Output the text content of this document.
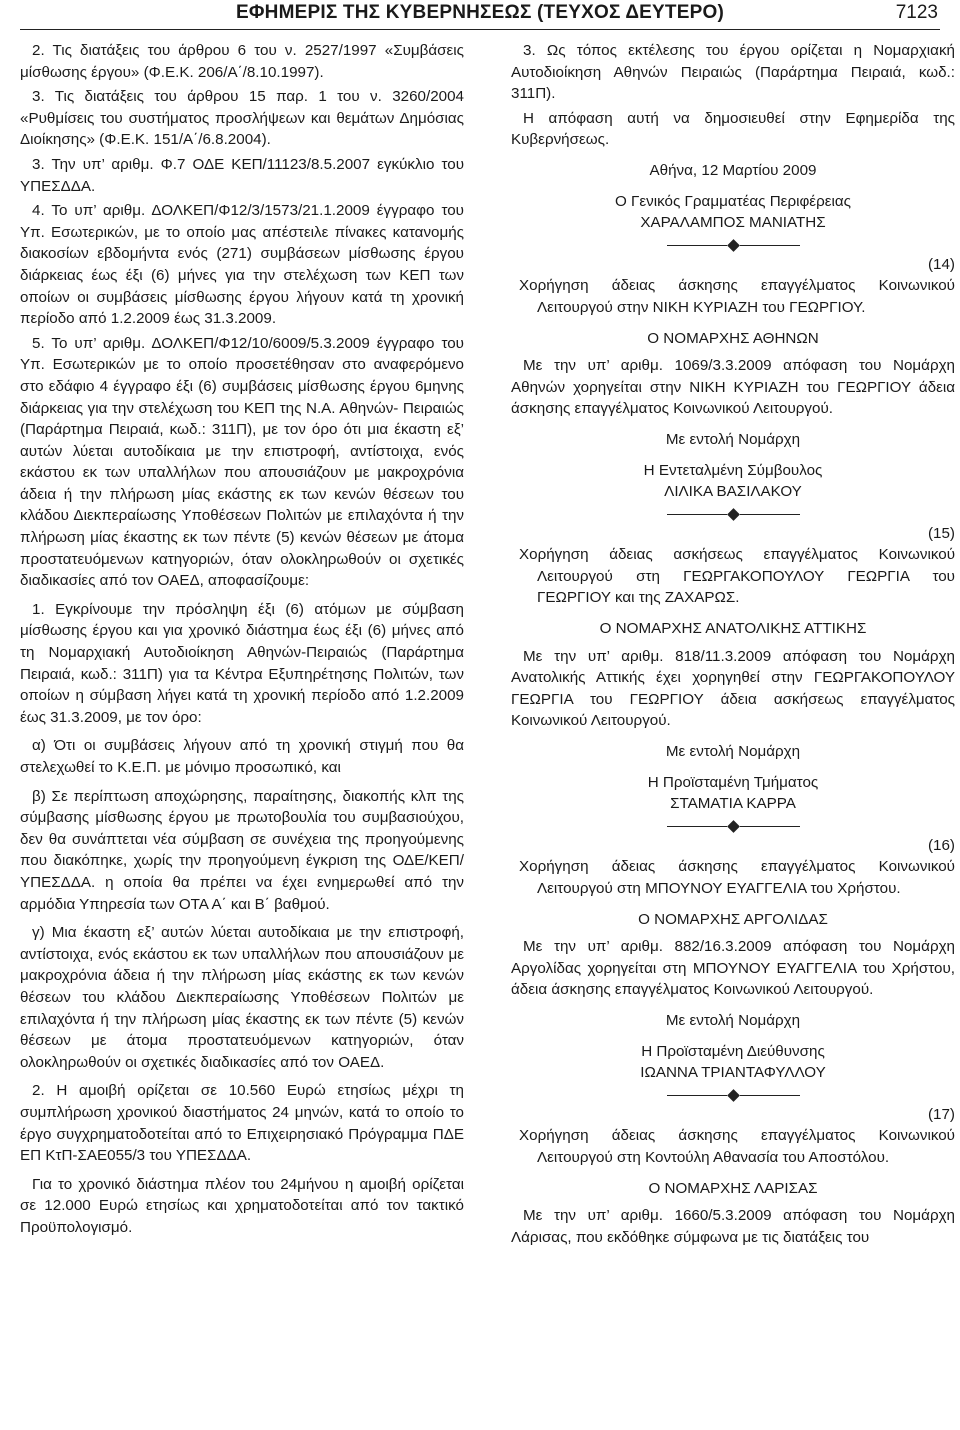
ΕΦΗΜΕΡΙΣ ΤΗΣ ΚΥΒΕΡΝΗΣΕΩΣ (ΤΕΥΧΟΣ ΔΕΥΤΕΡΟ)	7123

2. Τις διατάξεις του άρθρου 6 του ν. 2527/1997 «Συμβάσεις μίσθωσης έργου» (Φ.Ε.Κ. 206/Α΄/8.10.1997).

3. Τις διατάξεις του άρθρου 15 παρ. 1 του ν. 3260/2004 «Ρυθμίσεις του συστήματος προσλήψεων και θεμάτων Δημόσιας Διοίκησης» (Φ.Ε.Κ. 151/Α΄/6.8.2004).

3. Την υπ’ αριθμ. Φ.7 ΟΔΕ ΚΕΠ/11123/8.5.2007 εγκύκλιο του ΥΠΕΣΔΔΑ.

4. Το υπ’ αριθμ. ΔΟΛΚΕΠ/Φ12/3/1573/21.1.2009 έγγραφο του Υπ. Εσωτερικών, με το οποίο μας απέστειλε πίνακες κατανομής διακοσίων εβδομήντα ενός (271) συμβάσεων μίσθωσης έργου διάρκειας έως έξι (6) μήνες για την στελέχωση των ΚΕΠ των οποίων οι συμβάσεις μίσθωσης έργου λήγουν κατά τη χρονική περίοδο από 1.2.2009 έως 31.3.2009.

5. Το υπ’ αριθμ. ΔΟΛΚΕΠ/Φ12/10/6009/5.3.2009 έγγραφο του Υπ. Εσωτερικών με το οποίο προσετέθησαν στο αναφερόμενο στο εδάφιο 4 έγγραφο έξι (6) συμβάσεις μίσθωσης έργου 6μηνης διάρκειας για την στελέχωση του ΚΕΠ της Ν.Α. Αθηνών- Πειραιώς (Παράρτημα Πειραιά, κωδ.: 311Π), με τον όρο ότι μια έκαστη εξ’ αυτών λύεται αυτοδίκαια με την επιστροφή, αντίστοιχα, ενός εκάστου εκ των υπαλλήλων που απουσιάζουν με μακροχρόνια άδεια ή την πλήρωση μίας εκάστης εκ των κενών θέσεων του κλάδου Διεκπεραίωσης Υποθέσεων Πολιτών με επιλαχόντα ή την πλήρωση μίας έκαστης εκ των πέντε (5) κενών θέσεων με άτομα προστατευόμενων κατηγοριών, όταν ολοκληρωθούν οι σχετικές διαδικασίες από τον ΟΑΕΔ, αποφασίζουμε:

1. Εγκρίνουμε την πρόσληψη έξι (6) ατόμων με σύμβαση μίσθωσης έργου και για χρονικό διάστημα έως έξι (6) μήνες από τη Νομαρχιακή Αυτοδιοίκηση Αθηνών-Πειραιώς (Παράρτημα Πειραιά, κωδ.: 311Π) για τα Κέντρα Εξυπηρέτησης Πολιτών, των οποίων η σύμβαση λήγει κατά τη χρονική περίοδο από 1.2.2009 έως 31.3.2009, με τον όρο:

α) Ότι οι συμβάσεις λήγουν από τη χρονική στιγμή που θα στελεχωθεί το Κ.Ε.Π. με μόνιμο προσωπικό, και

β) Σε περίπτωση αποχώρησης, παραίτησης, διακοπής κλπ της σύμβασης μίσθωσης έργου με πρωτοβουλία του συμβασιούχου, δεν θα συνάπτεται νέα σύμβαση σε συνέχεια της προηγούμενης που διακόπηκε, χωρίς την προηγούμενη έγκριση της ΟΔΕ/ΚΕΠ/ΥΠΕΣΔΔΑ. η οποία θα πρέπει να έχει ενημερωθεί από την αρμόδια Υπηρεσία των ΟΤΑ Α΄ και Β΄ βαθμού.

γ) Μια έκαστη εξ’ αυτών λύεται αυτοδίκαια με την επιστροφή, αντίστοιχα, ενός εκάστου εκ των υπαλλήλων που απουσιάζουν με μακροχρόνια άδεια ή την πλήρωση μίας εκάστης εκ των κενών θέσεων του κλάδου Διεκπεραίωσης Υποθέσεων Πολιτών με επιλαχόντα ή την πλήρωση μίας έκαστης εκ των πέντε (5) κενών θέσεων με άτομα προστατευόμενων κατηγοριών, όταν ολοκληρωθούν οι σχετικές διαδικασίες από τον ΟΑΕΔ.

2. Η αμοιβή ορίζεται σε 10.560 Ευρώ ετησίως μέχρι τη συμπλήρωση χρονικού διαστήματος 24 μηνών, κατά το οποίο το έργο συγχρηματοδοτείται από το Επιχειρησιακό Πρόγραμμα ΠΔΕ ΕΠ ΚτΠ-ΣΑΕ055/3 του ΥΠΕΣΔΔΑ.

Για το χρονικό διάστημα πλέον του 24μήνου η αμοιβή ορίζεται σε 12.000 Ευρώ ετησίως και χρηματοδοτείται από τον τακτικό Προϋπολογισμό.

3. Ως τόπος εκτέλεσης του έργου ορίζεται η Νομαρχιακή Αυτοδιοίκηση Αθηνών Πειραιώς (Παράρτημα Πειραιά, κωδ.: 311Π).

Η απόφαση αυτή να δημοσιευθεί στην Εφημερίδα της Κυβερνήσεως.

Αθήνα, 12 Μαρτίου 2009

Ο Γενικός Γραμματέας Περιφέρειας

ΧΑΡΑΛΑΜΠΟΣ ΜΑΝΙΑΤΗΣ

(14)

Χορήγηση άδειας άσκησης επαγγέλματος Κοινωνικού Λειτουργού στην ΝΙΚΗ ΚΥΡΙΑΖΗ του ΓΕΩΡΓΙΟΥ.

Ο ΝΟΜΑΡΧΗΣ ΑΘΗΝΩΝ

Με την υπ’ αριθμ. 1069/3.3.2009 απόφαση του Νομάρχη Αθηνών χορηγείται στην ΝΙΚΗ ΚΥΡΙΑΖΗ του ΓΕΩΡΓΙΟΥ άδεια άσκησης επαγγέλματος Κοινωνικού Λειτουργού.

Με εντολή Νομάρχη

Η Εντεταλμένη Σύμβουλος

ΛΙΛΙΚΑ ΒΑΣΙΛΑΚΟΥ

(15)

Χορήγηση άδειας ασκήσεως επαγγέλματος Κοινωνικού Λειτουργού στη ΓΕΩΡΓΑΚΟΠΟΥΛΟΥ ΓΕΩΡΓΙΑ του ΓΕΩΡΓΙΟΥ και της ΖΑΧΑΡΩΣ.

Ο ΝΟΜΑΡΧΗΣ ΑΝΑΤΟΛΙΚΗΣ ΑΤΤΙΚΗΣ

Με την υπ’ αριθμ. 818/11.3.2009 απόφαση του Νομάρχη Ανατολικής Αττικής έχει χορηγηθεί στην ΓΕΩΡΓΑΚΟΠΟΥΛΟΥ ΓΕΩΡΓΙΑ του ΓΕΩΡΓΙΟΥ άδεια ασκήσεως επαγγέλματος Κοινωνικού Λειτουργού.

Με εντολή Νομάρχη

Η Προϊσταμένη Τμήματος

ΣΤΑΜΑΤΙΑ ΚΑΡΡΑ

(16)

Χορήγηση άδειας άσκησης επαγγέλματος Κοινωνικού Λειτουργού στη ΜΠΟΥΝΟΥ ΕΥΑΓΓΕΛΙΑ του Χρήστου.

Ο ΝΟΜΑΡΧΗΣ ΑΡΓΟΛΙΔΑΣ

Με την υπ’ αριθμ. 882/16.3.2009 απόφαση του Νομάρχη Αργολίδας χορηγείται στη ΜΠΟΥΝΟΥ ΕΥΑΓΓΕΛΙΑ του Χρήστου, άδεια άσκησης επαγγέλματος Κοινωνικού Λειτουργού.

Με εντολή Νομάρχη

Η Προϊσταμένη Διεύθυνσης

ΙΩΑΝΝΑ ΤΡΙΑΝΤΑΦΥΛΛΟΥ

(17)

Χορήγηση άδειας άσκησης επαγγέλματος Κοινωνικού Λειτουργού στη Κοντούλη Αθανασία του Αποστόλου.

Ο ΝΟΜΑΡΧΗΣ ΛΑΡΙΣΑΣ

Με την υπ’ αριθμ. 1660/5.3.2009 απόφαση του Νομάρχη Λάρισας, που εκδόθηκε σύμφωνα με τις διατάξεις του
